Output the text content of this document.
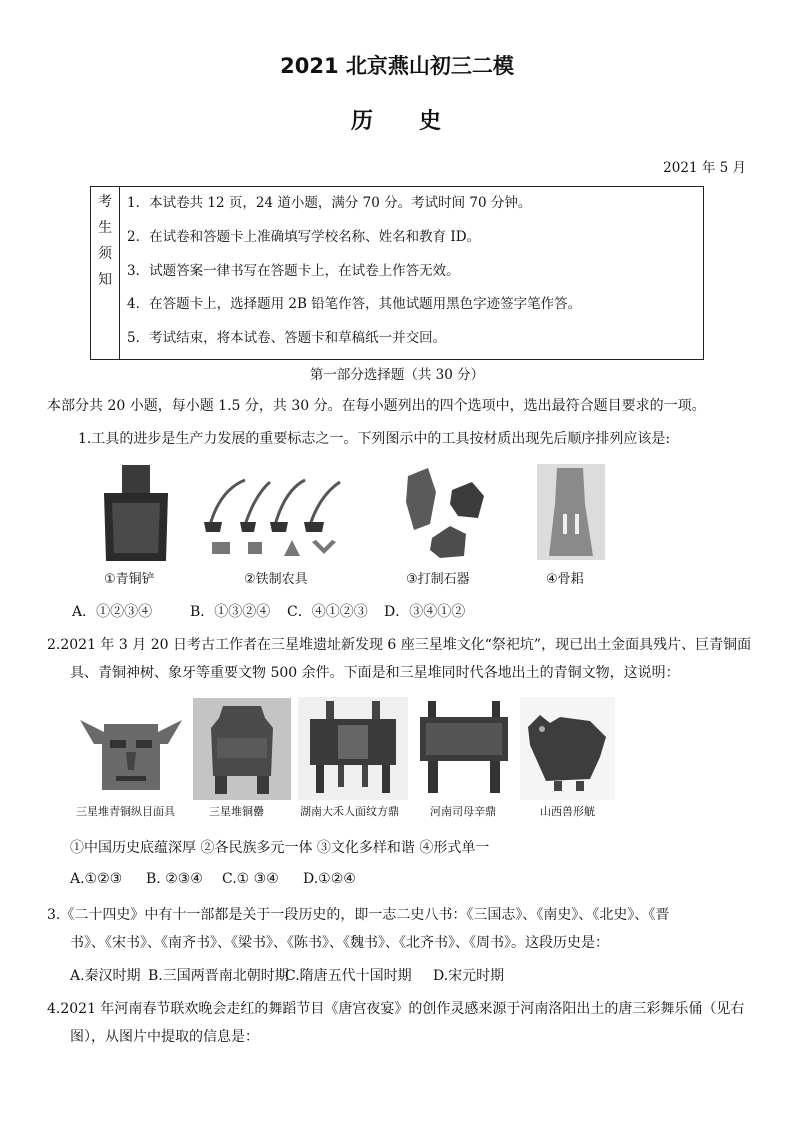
2021 北京燕山初三二模
历 史
2021 年 5 月
考
生
须
知
1．本试卷共 12 页，24 道小题，满分 70 分。考试时间 70 分钟。
2．在试卷和答题卡上准确填写学校名称、姓名和教育 ID。
3．试题答案一律书写在答题卡上，在试卷上作答无效。
4．在答题卡上，选择题用 2B 铅笔作答，其他试题用黑色字迹签字笔作答。
5．考试结束，将本试卷、答题卡和草稿纸一并交回。
第一部分选择题（共 30 分）
本部分共 20 小题，每小题 1.5 分，共 30 分。在每小题列出的四个选项中，选出最符合题目要求的一项。
1.工具的进步是生产力发展的重要标志之一。下列图示中的工具按材质出现先后顺序排列应该是:
①青铜铲	②铁制农具	③打制石器	④骨耜
A．①②③④	B．①③②④ C．④①②③ D．③④①②
2.2021 年 3 月 20 日考古工作者在三星堆遗址新发现 6 座三星堆文化“祭祀坑”，现已出土金面具残片、巨青铜面
具、青铜神树、象牙等重要文物 500 余件。下面是和三星堆同时代各地出土的青铜文物，这说明：
三星堆青铜纵目面具	三星堆铜罍	湖南大禾人面纹方鼎	河南司母辛鼎	山西兽形觥
①中国历史底蕴深厚 ②各民族多元一体 ③文化多样和谐 ④形式单一
A.①②③ B. ②③④ C.① ③④ D.①②④
3.《二十四史》中有十一部都是关于一段历史的，即一志二史八书：《三国志》、《南史》、《北史》、《晋
书》、《宋书》、《南齐书》、《梁书》、《陈书》、《魏书》、《北齐书》、《周书》。这段历史是：
A.秦汉时期 B.三国两晋南北朝时期
C.隋唐五代十国时期 D.宋元时期
4.2021 年河南春节联欢晚会走红的舞蹈节目《唐宫夜宴》的创作灵感来源于河南洛阳出土的唐三彩舞乐俑（见右
图），从图片中提取的信息是：
